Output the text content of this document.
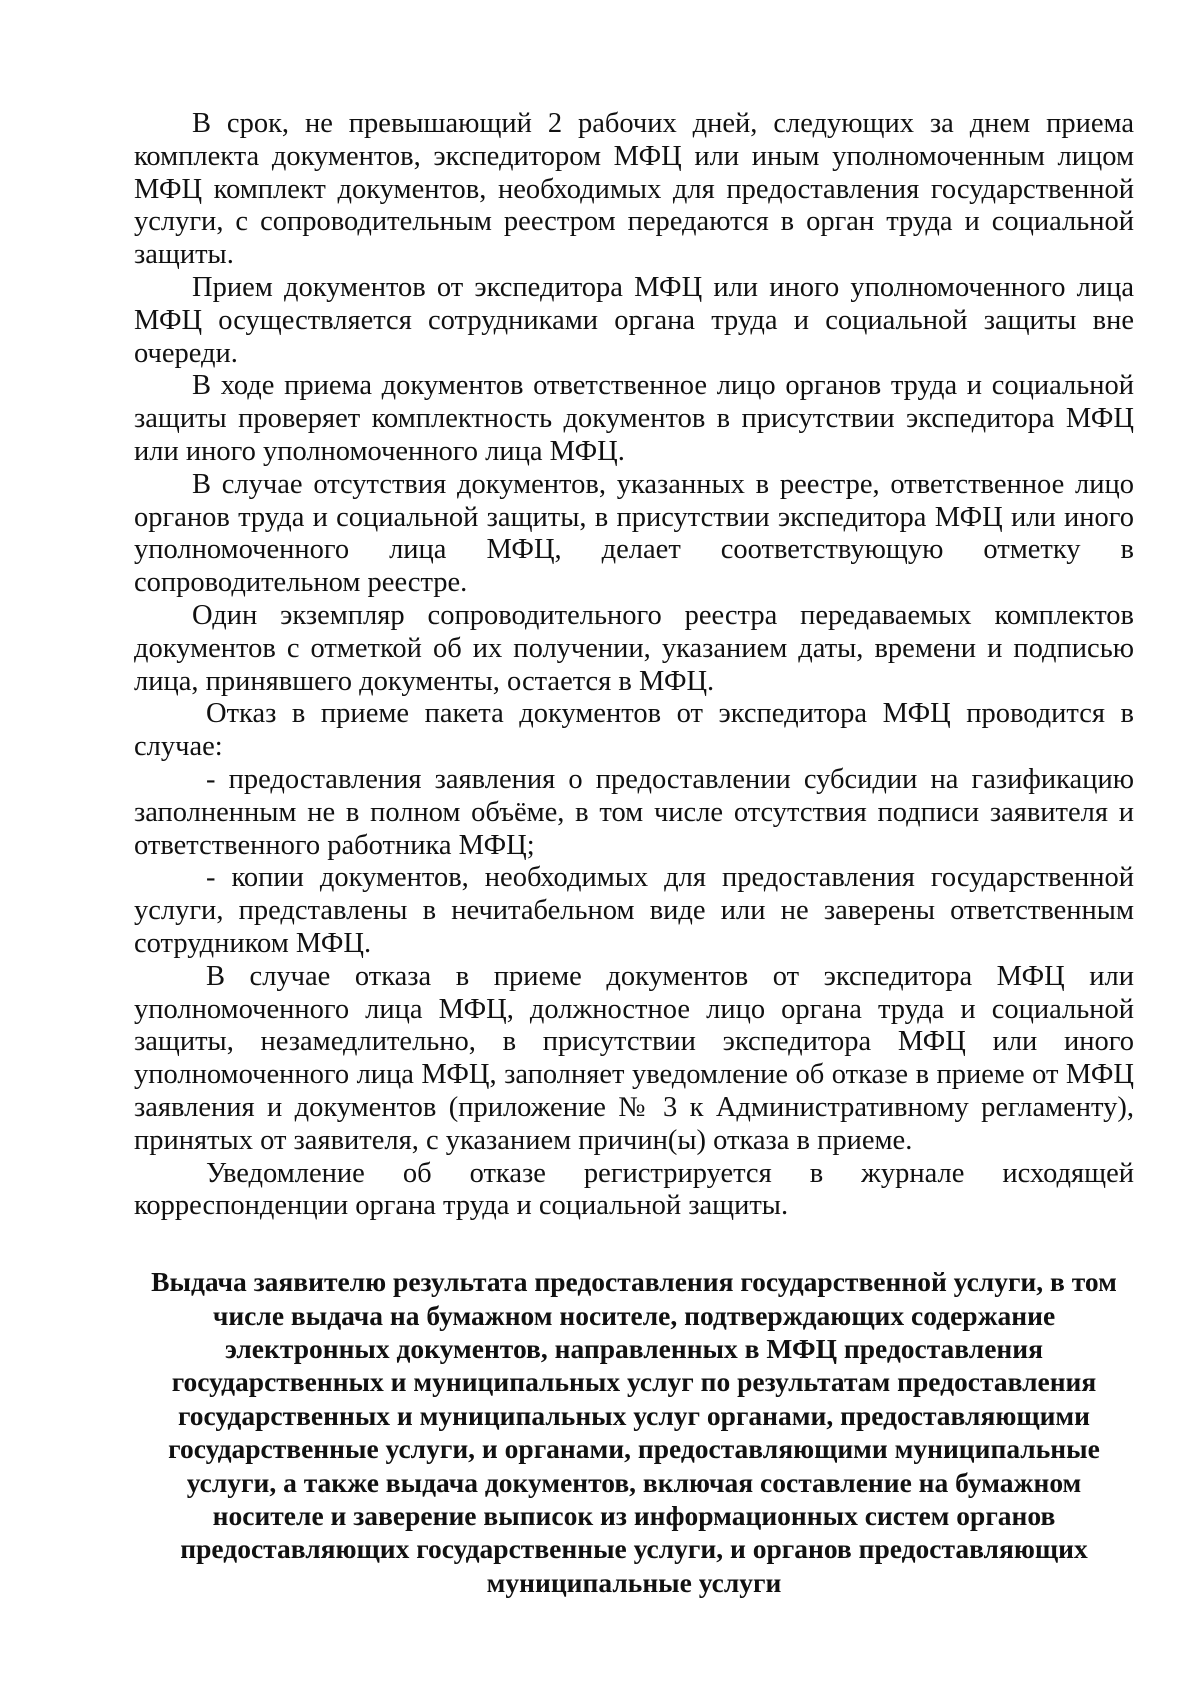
В срок, не превышающий 2 рабочих дней, следующих за днем приема комплекта документов, экспедитором МФЦ или иным уполномоченным лицом МФЦ комплект документов, необходимых для предоставления государственной услуги, с сопроводительным реестром передаются в орган труда и социальной защиты.

Прием документов от экспедитора МФЦ или иного уполномоченного лица МФЦ осуществляется сотрудниками органа труда и социальной защиты вне очереди.

В ходе приема документов ответственное лицо органов труда и социальной защиты проверяет комплектность документов в присутствии экспедитора МФЦ или иного уполномоченного лица МФЦ.

В случае отсутствия документов, указанных в реестре, ответственное лицо органов труда и социальной защиты, в присутствии экспедитора МФЦ или иного уполномоченного лица МФЦ, делает соответствующую отметку в сопроводительном реестре.

Один экземпляр сопроводительного реестра передаваемых комплектов документов с отметкой об их получении, указанием даты, времени и подписью лица, принявшего документы, остается в МФЦ.

Отказ в приеме пакета документов от экспедитора МФЦ проводится в случае:

- предоставления заявления о предоставлении субсидии на газификацию заполненным не в полном объёме, в том числе отсутствия подписи заявителя и ответственного работника МФЦ;

- копии документов, необходимых для предоставления государственной услуги, представлены в нечитабельном виде или не заверены ответственным сотрудником МФЦ.

В случае отказа в приеме документов от экспедитора МФЦ или уполномоченного лица МФЦ, должностное лицо органа труда и социальной защиты, незамедлительно, в присутствии экспедитора МФЦ или иного уполномоченного лица МФЦ, заполняет уведомление об отказе в приеме от МФЦ заявления и документов (приложение № 3 к Административному регламенту), принятых от заявителя, с указанием причин(ы) отказа в приеме.

Уведомление об отказе регистрируется в журнале исходящей корреспонденции органа труда и социальной защиты.

Выдача заявителю результата предоставления государственной услуги, в том числе выдача на бумажном носителе, подтверждающих содержание электронных документов, направленных в МФЦ предоставления государственных и муниципальных услуг по результатам предоставления государственных и муниципальных услуг органами, предоставляющими государственные услуги, и органами, предоставляющими муниципальные услуги, а также выдача документов, включая составление на бумажном носителе и заверение выписок из информационных систем органов предоставляющих государственные услуги, и органов предоставляющих муниципальные услуги
